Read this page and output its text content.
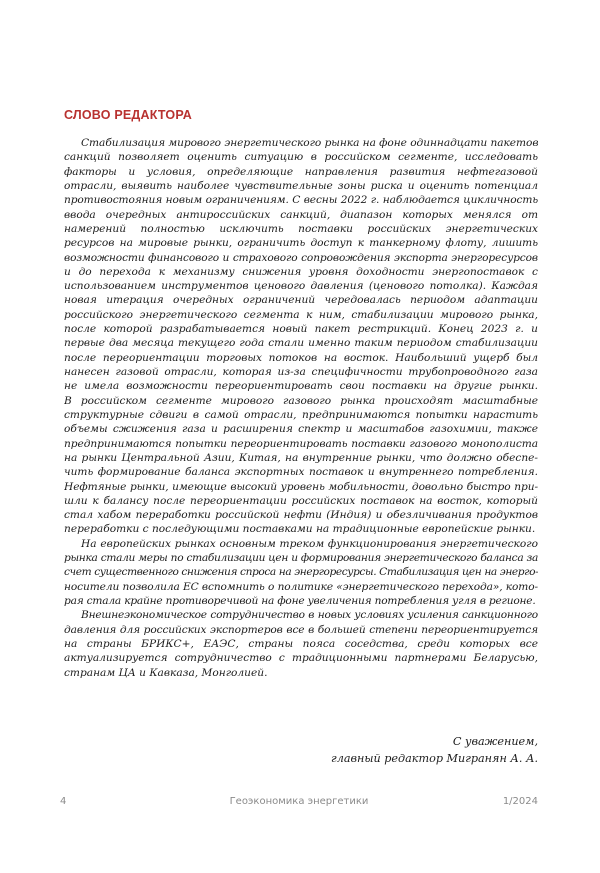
СЛОВО РЕДАКТОРА
Стабилизация мирового энергетического рынка на фоне одиннадцати пакетов
санкций позволяет оценить ситуацию в российском сегменте, исследовать
факторы и условия, определяющие направления развития нефтегазовой
отрасли, выявить наиболее чувствительные зоны риска и оценить потенциал
противостояния новым ограничениям. С весны 2022 г. наблюдается цикличность
ввода очередных антироссийских санкций, диапазон которых менялся от
намерений полностью исключить поставки российских энергетических
ресурсов на мировые рынки, ограничить доступ к танкерному флоту, лишить
возможности финансового и страхового сопровождения экспорта энергоресурсов
и до перехода к механизму снижения уровня доходности энергопоставок с
использованием инструментов ценового давления (ценового потолка). Каждая
новая итерация очередных ограничений чередовалась периодом адаптации
российского энергетического сегмента к ним, стабилизации мирового рынка,
после которой разрабатывается новый пакет рестрикций. Конец 2023 г. и
первые два месяца текущего года стали именно таким периодом стабилизации
после переориентации торговых потоков на восток. Наибольший ущерб был
нанесен газовой отрасли, которая из-за специфичности трубопроводного газа
не имела возможности переориентировать свои поставки на другие рынки.
В российском сегменте мирового газового рынка происходят масштабные
структурные сдвиги в самой отрасли, предпринимаются попытки нарастить
объемы сжижения газа и расширения спектр и масштабов газохимии, также
предпринимаются попытки переориентировать поставки газового монополиста
на рынки Центральной Азии, Китая, на внутренние рынки, что должно обеспе-
чить формирование баланса экспортных поставок и внутреннего потребления.
Нефтяные рынки, имеющие высокий уровень мобильности, довольно быстро при-
шли к балансу после переориентации российских поставок на восток, который
стал хабом переработки российской нефти (Индия) и обезличивания продуктов
переработки с последующими поставками на традиционные европейские рынки.
На европейских рынках основным треком функционирования энергетического
рынка стали меры по стабилизации цен и формирования энергетического баланса за
счет существенного снижения спроса на энергоресурсы. Стабилизация цен на энерго-
носители позволила ЕС вспомнить о политике «энергетического перехода», кото-
рая стала крайне противоречивой на фоне увеличения потребления угля в регионе.
Внешнеэкономическое сотрудничество в новых условиях усиления санкционного
давления для российских экспортеров все в большей степени переориентируется
на страны БРИКС+, ЕАЭС, страны пояса соседства, среди которых все
актуализируется сотрудничество с традиционными партнерами Беларусью,
странам ЦА и Кавказа, Монголией.
С уважением,
главный редактор Мигранян А. А.
4	Геоэкономика энергетики	1/2024
